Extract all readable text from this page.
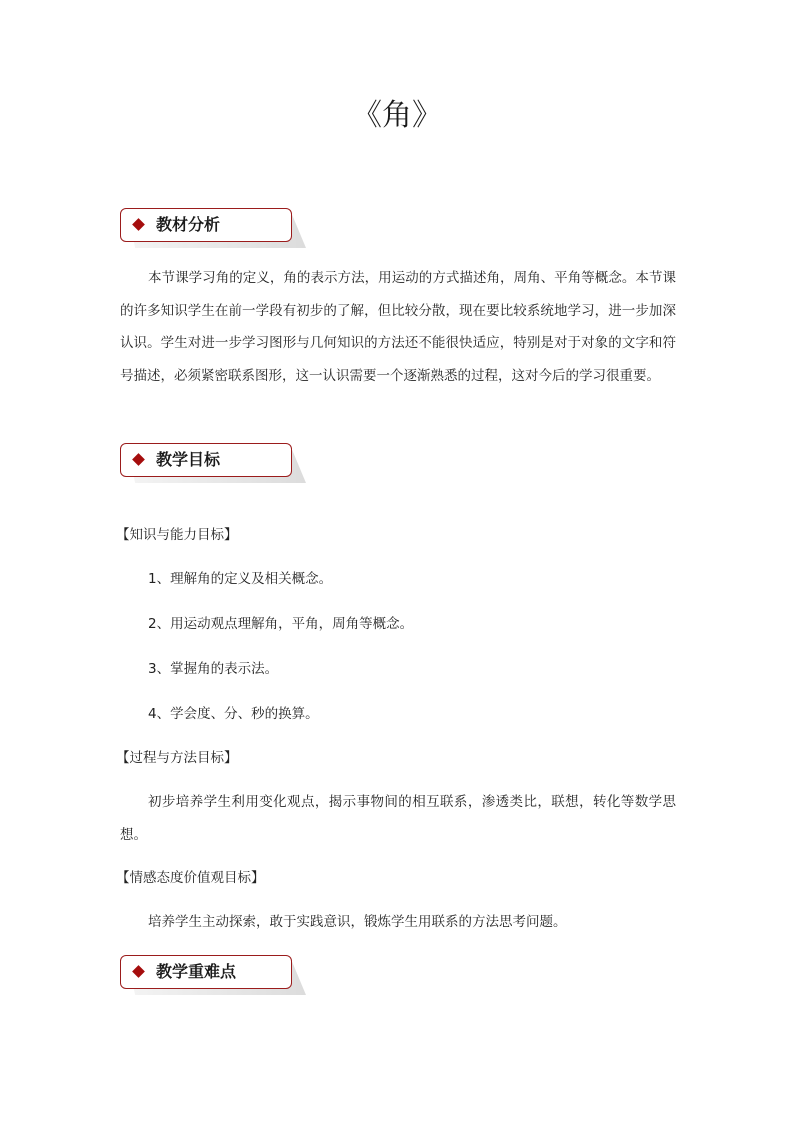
《角》
教材分析
本节课学习角的定义，角的表示方法，用运动的方式描述角，周角、平角等概念。本节课的许多知识学生在前一学段有初步的了解，但比较分散，现在要比较系统地学习，进一步加深认识。学生对进一步学习图形与几何知识的方法还不能很快适应，特别是对于对象的文字和符号描述，必须紧密联系图形，这一认识需要一个逐渐熟悉的过程，这对今后的学习很重要。
教学目标
【知识与能力目标】
1、理解角的定义及相关概念。
2、用运动观点理解角，平角，周角等概念。
3、掌握角的表示法。
4、学会度、分、秒的换算。
【过程与方法目标】
初步培养学生利用变化观点，揭示事物间的相互联系，渗透类比，联想，转化等数学思想。
【情感态度价值观目标】
培养学生主动探索，敢于实践意识，锻炼学生用联系的方法思考问题。
教学重难点
